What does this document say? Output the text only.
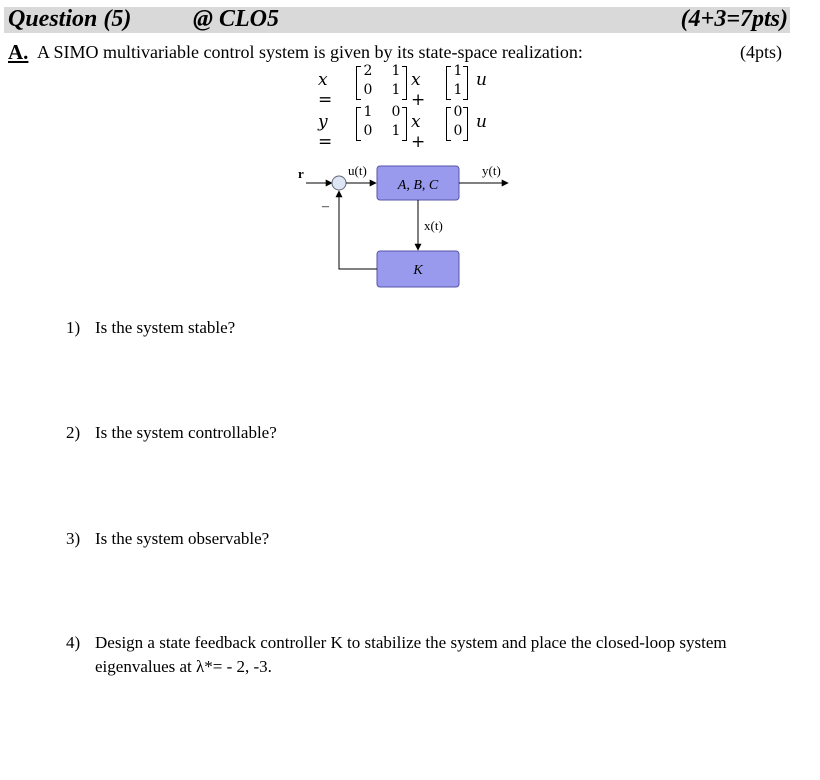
Question (5)	@ CLO5	(4+3=7pts)
A. A SIMO multivariable control system is given by its state-space realization:	(4pts)
x =
2 1
0 1 x +
1
1 u
y =
1 0
0 1 x +
0
0 u
r	u(t)
A, B, C
y(t)
x(t)
K
–
1) Is the system stable?
2) Is the system controllable?
3) Is the system observable?
4) Design a state feedback controller K to stabilize the system and place the closed-loop system
eigenvalues at λ*= - 2, -3.
